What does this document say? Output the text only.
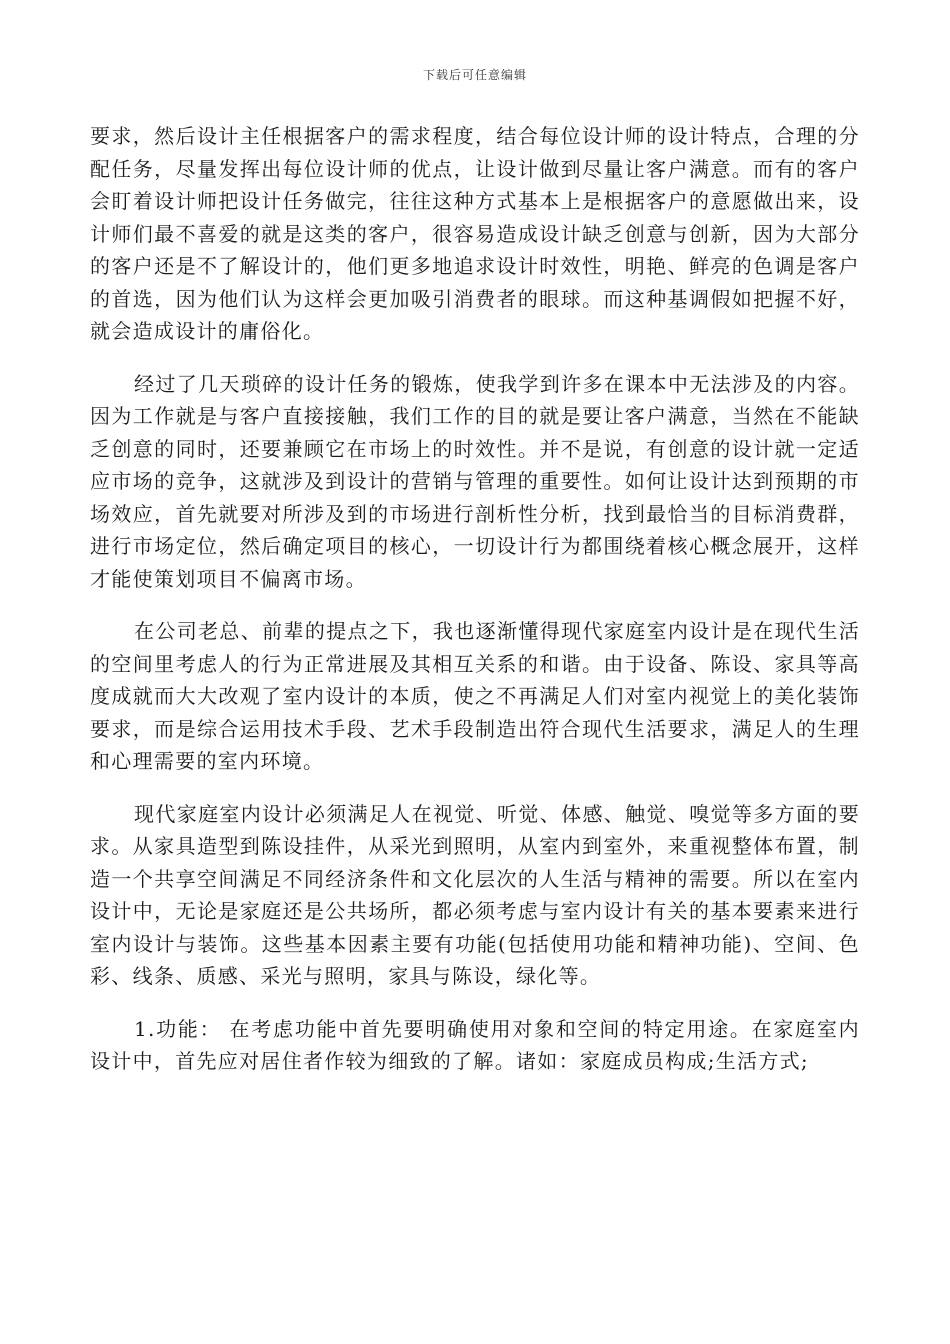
下载后可任意编辑

要求，然后设计主任根据客户的需求程度，结合每位设计师的设计特点，合理的分配任务，尽量发挥出每位设计师的优点，让设计做到尽量让客户满意。而有的客户会盯着设计师把设计任务做完，往往这种方式基本上是根据客户的意愿做出来，设计师们最不喜爱的就是这类的客户，很容易造成设计缺乏创意与创新，因为大部分的客户还是不了解设计的，他们更多地追求设计时效性，明艳、鲜亮的色调是客户的首选，因为他们认为这样会更加吸引消费者的眼球。而这种基调假如把握不好，就会造成设计的庸俗化。

经过了几天琐碎的设计任务的锻炼，使我学到许多在课本中无法涉及的内容。因为工作就是与客户直接接触，我们工作的目的就是要让客户满意，当然在不能缺乏创意的同时，还要兼顾它在市场上的时效性。并不是说，有创意的设计就一定适应市场的竞争，这就涉及到设计的营销与管理的重要性。如何让设计达到预期的市场效应，首先就要对所涉及到的市场进行剖析性分析，找到最恰当的目标消费群，进行市场定位，然后确定项目的核心，一切设计行为都围绕着核心概念展开，这样才能使策划项目不偏离市场。

在公司老总、前辈的提点之下，我也逐渐懂得现代家庭室内设计是在现代生活的空间里考虑人的行为正常进展及其相互关系的和谐。由于设备、陈设、家具等高度成就而大大改观了室内设计的本质，使之不再满足人们对室内视觉上的美化装饰要求，而是综合运用技术手段、艺术手段制造出符合现代生活要求，满足人的生理和心理需要的室内环境。

现代家庭室内设计必须满足人在视觉、听觉、体感、触觉、嗅觉等多方面的要求。从家具造型到陈设挂件，从采光到照明，从室内到室外，来重视整体布置，制造一个共享空间满足不同经济条件和文化层次的人生活与精神的需要。所以在室内设计中，无论是家庭还是公共场所，都必须考虑与室内设计有关的基本要素来进行室内设计与装饰。这些基本因素主要有功能(包括使用功能和精神功能)、空间、色彩、线条、质感、采光与照明，家具与陈设，绿化等。

1.功能： 在考虑功能中首先要明确使用对象和空间的特定用途。在家庭室内设计中，首先应对居住者作较为细致的了解。诸如：家庭成员构成;生活方式;
